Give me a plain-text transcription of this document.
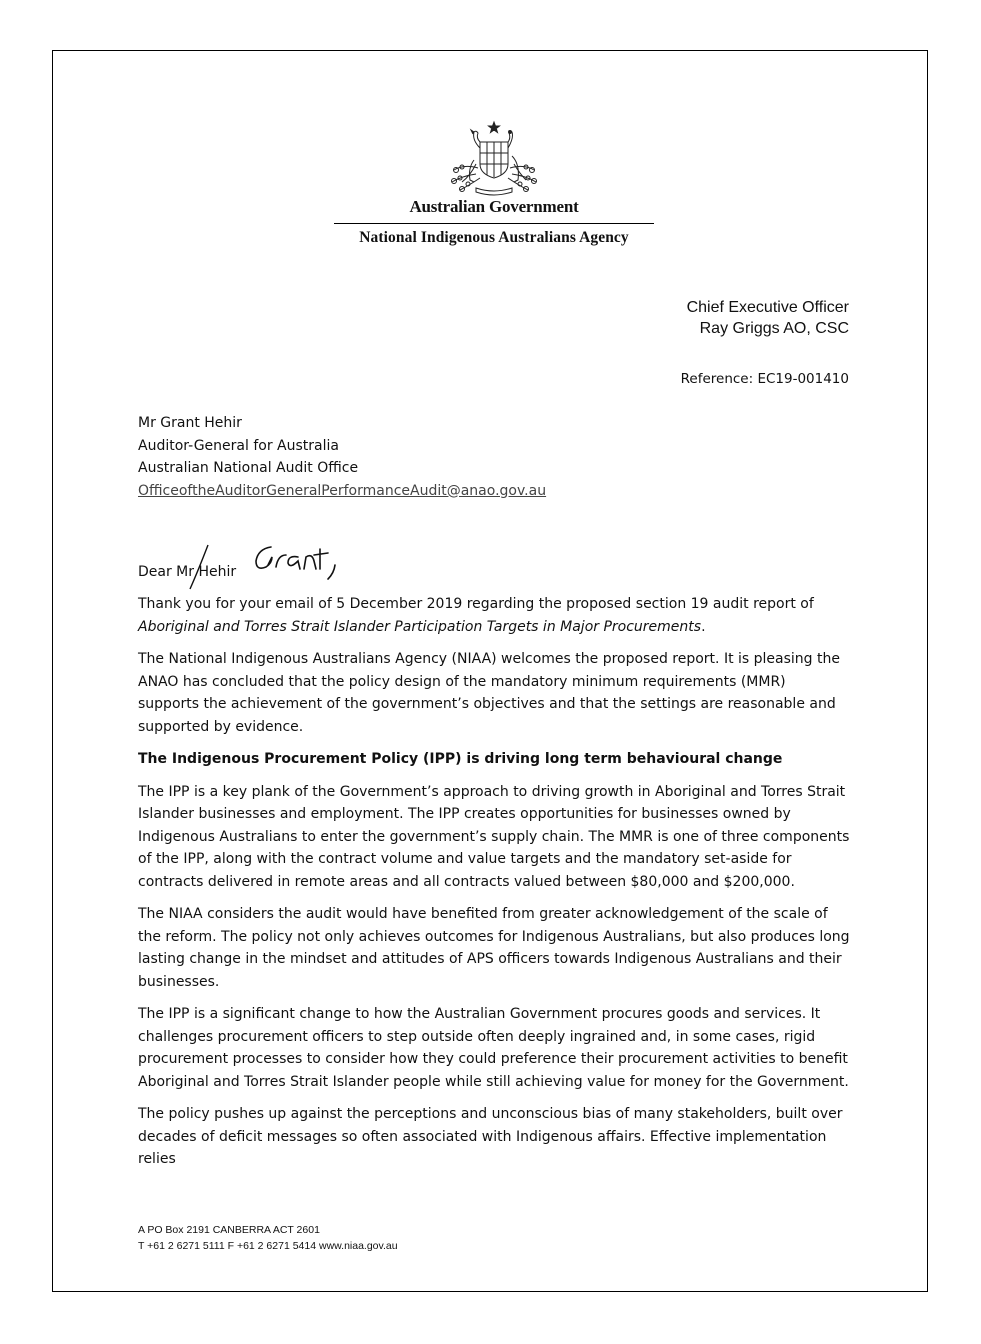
Australian Government
National Indigenous Australians Agency
Chief Executive Officer
Ray Griggs AO, CSC
Reference: EC19-001410
Mr Grant Hehir
Auditor-General for Australia
Australian National Audit Office
OfficeoftheAuditorGeneralPerformanceAudit@anao.gov.au
Dear Mr Hehir

Thank you for your email of 5 December 2019 regarding the proposed section 19 audit report of Aboriginal and Torres Strait Islander Participation Targets in Major Procurements.

The National Indigenous Australians Agency (NIAA) welcomes the proposed report. It is pleasing the ANAO has concluded that the policy design of the mandatory minimum requirements (MMR) supports the achievement of the government’s objectives and that the settings are reasonable and supported by evidence.

The Indigenous Procurement Policy (IPP) is driving long term behavioural change

The IPP is a key plank of the Government’s approach to driving growth in Aboriginal and Torres Strait Islander businesses and employment. The IPP creates opportunities for businesses owned by Indigenous Australians to enter the government’s supply chain. The MMR is one of three components of the IPP, along with the contract volume and value targets and the mandatory set-aside for contracts delivered in remote areas and all contracts valued between $80,000 and $200,000.

The NIAA considers the audit would have benefited from greater acknowledgement of the scale of the reform. The policy not only achieves outcomes for Indigenous Australians, but also produces long lasting change in the mindset and attitudes of APS officers towards Indigenous Australians and their businesses.

The IPP is a significant change to how the Australian Government procures goods and services. It challenges procurement officers to step outside often deeply ingrained and, in some cases, rigid procurement processes to consider how they could preference their procurement activities to benefit Aboriginal and Torres Strait Islander people while still achieving value for money for the Government.

The policy pushes up against the perceptions and unconscious bias of many stakeholders, built over decades of deficit messages so often associated with Indigenous affairs. Effective implementation relies

A PO Box 2191 CANBERRA ACT 2601
T +61 2 6271 5111 F +61 2 6271 5414 www.niaa.gov.au
